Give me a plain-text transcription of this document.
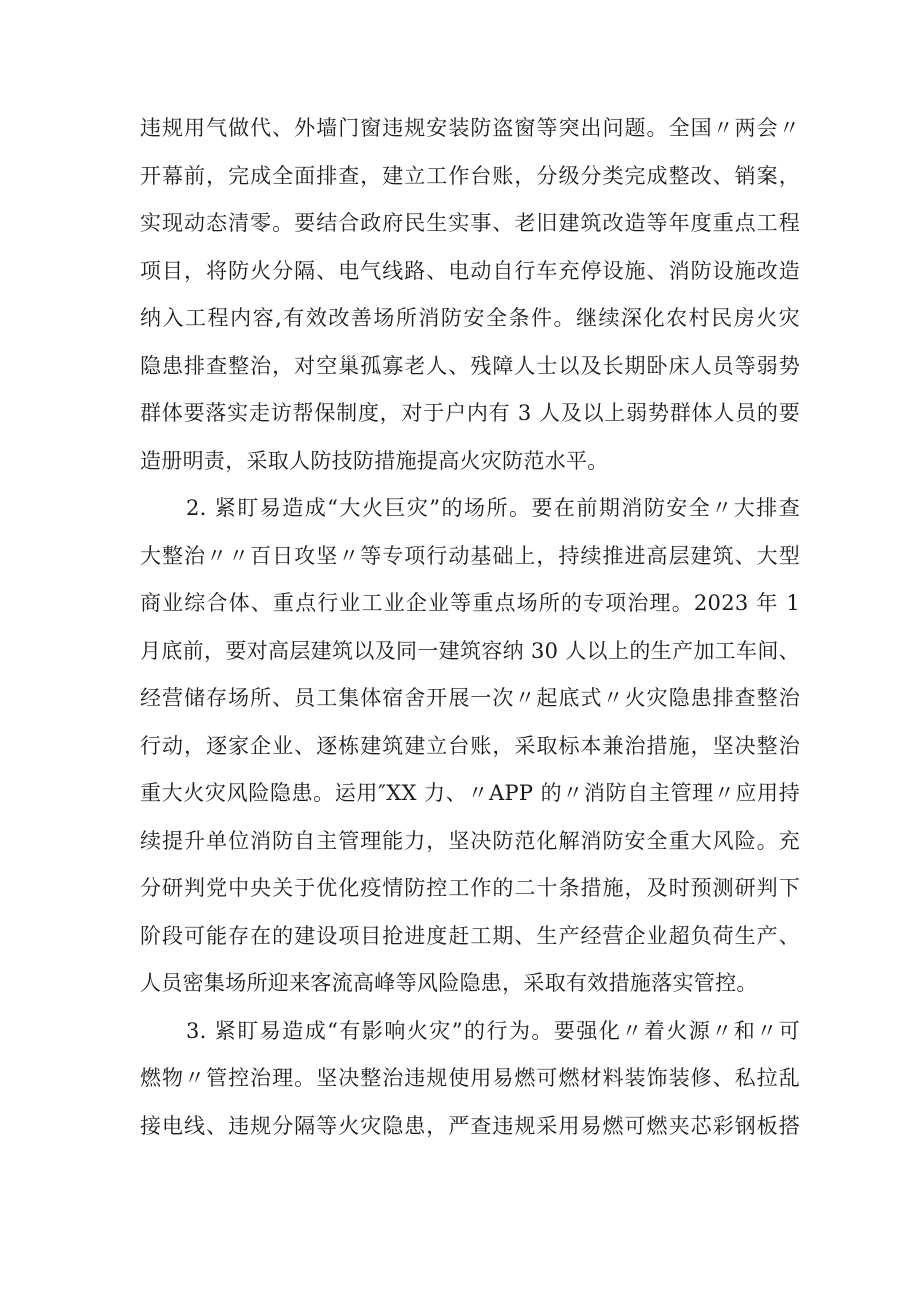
违规用气做代、外墙门窗违规安装防盗窗等突出问题。全国〃两会〃
开幕前，完成全面排查，建立工作台账，分级分类完成整改、销案，
实现动态清零。要结合政府民生实事、老旧建筑改造等年度重点工程
项目，将防火分隔、电气线路、电动自行车充停设施、消防设施改造
纳入工程内容,有效改善场所消防安全条件。继续深化农村民房火灾
隐患排查整治，对空巢孤寡老人、残障人士以及长期卧床人员等弱势
群体要落实走访帮保制度，对于户内有 3 人及以上弱势群体人员的要
造册明责，采取人防技防措施提高火灾防范水平。
2. 紧盯易造成“大火巨灾”的场所。要在前期消防安全〃大排查
大整治〃〃百日攻坚〃等专项行动基础上，持续推进高层建筑、大型
商业综合体、重点行业工业企业等重点场所的专项治理。2023 年 1
月底前，要对高层建筑以及同一建筑容纳 30 人以上的生产加工车间、
经营储存场所、员工集体宿舍开展一次〃起底式〃火灾隐患排查整治
行动，逐家企业、逐栋建筑建立台账，采取标本兼治措施，坚决整治
重大火灾风险隐患。运用″XX 力、〃APP 的〃消防自主管理〃应用持
续提升单位消防自主管理能力，坚决防范化解消防安全重大风险。充
分研判党中央关于优化疫情防控工作的二十条措施，及时预测研判下
阶段可能存在的建设项目抢进度赶工期、生产经营企业超负荷生产、
人员密集场所迎来客流高峰等风险隐患，采取有效措施落实管控。
3. 紧盯易造成“有影响火灾”的行为。要强化〃着火源〃和〃可
燃物〃管控治理。坚决整治违规使用易燃可燃材料装饰装修、私拉乱
接电线、违规分隔等火灾隐患，严查违规采用易燃可燃夹芯彩钢板搭
